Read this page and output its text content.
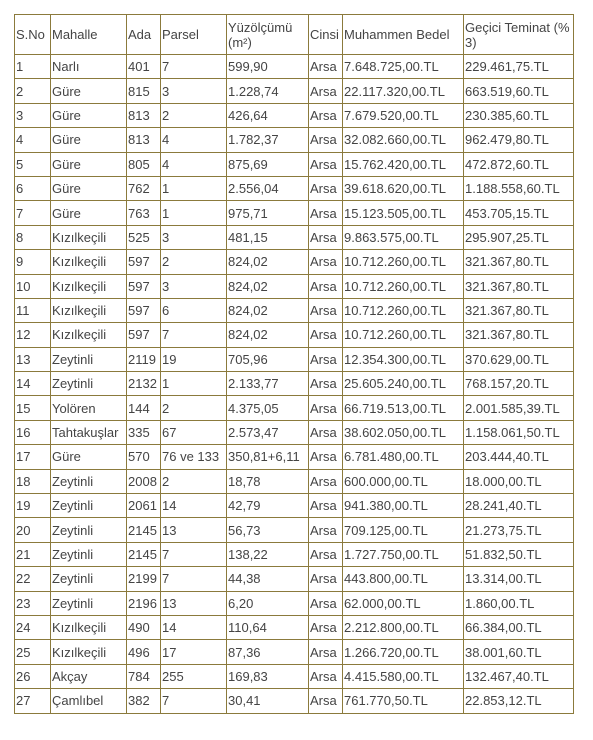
S.No	Mahalle	Ada	Parsel	Yüzölçümü (m²)	Cinsi	Muhammen Bedel	Geçici Teminat (% 3)
1	Narlı	401	7	599,90	Arsa	7.648.725,00.TL	229.461,75.TL
2	Güre	815	3	1.228,74	Arsa	22.117.320,00.TL	663.519,60.TL
3	Güre	813	2	426,64	Arsa	7.679.520,00.TL	230.385,60.TL
4	Güre	813	4	1.782,37	Arsa	32.082.660,00.TL	962.479,80.TL
5	Güre	805	4	875,69	Arsa	15.762.420,00.TL	472.872,60.TL
6	Güre	762	1	2.556,04	Arsa	39.618.620,00.TL	1.188.558,60.TL
7	Güre	763	1	975,71	Arsa	15.123.505,00.TL	453.705,15.TL
8	Kızılkeçili	525	3	481,15	Arsa	9.863.575,00.TL	295.907,25.TL
9	Kızılkeçili	597	2	824,02	Arsa	10.712.260,00.TL	321.367,80.TL
10	Kızılkeçili	597	3	824,02	Arsa	10.712.260,00.TL	321.367,80.TL
11	Kızılkeçili	597	6	824,02	Arsa	10.712.260,00.TL	321.367,80.TL
12	Kızılkeçili	597	7	824,02	Arsa	10.712.260,00.TL	321.367,80.TL
13	Zeytinli	2119	19	705,96	Arsa	12.354.300,00.TL	370.629,00.TL
14	Zeytinli	2132	1	2.133,77	Arsa	25.605.240,00.TL	768.157,20.TL
15	Yolören	144	2	4.375,05	Arsa	66.719.513,00.TL	2.001.585,39.TL
16	Tahtakuşlar	335	67	2.573,47	Arsa	38.602.050,00.TL	1.158.061,50.TL
17	Güre	570	76 ve 133	350,81+6,11	Arsa	6.781.480,00.TL	203.444,40.TL
18	Zeytinli	2008	2	18,78	Arsa	600.000,00.TL	18.000,00.TL
19	Zeytinli	2061	14	42,79	Arsa	941.380,00.TL	28.241,40.TL
20	Zeytinli	2145	13	56,73	Arsa	709.125,00.TL	21.273,75.TL
21	Zeytinli	2145	7	138,22	Arsa	1.727.750,00.TL	51.832,50.TL
22	Zeytinli	2199	7	44,38	Arsa	443.800,00.TL	13.314,00.TL
23	Zeytinli	2196	13	6,20	Arsa	62.000,00.TL	1.860,00.TL
24	Kızılkeçili	490	14	110,64	Arsa	2.212.800,00.TL	66.384,00.TL
25	Kızılkeçili	496	17	87,36	Arsa	1.266.720,00.TL	38.001,60.TL
26	Akçay	784	255	169,83	Arsa	4.415.580,00.TL	132.467,40.TL
27	Çamlıbel	382	7	30,41	Arsa	761.770,50.TL	22.853,12.TL
